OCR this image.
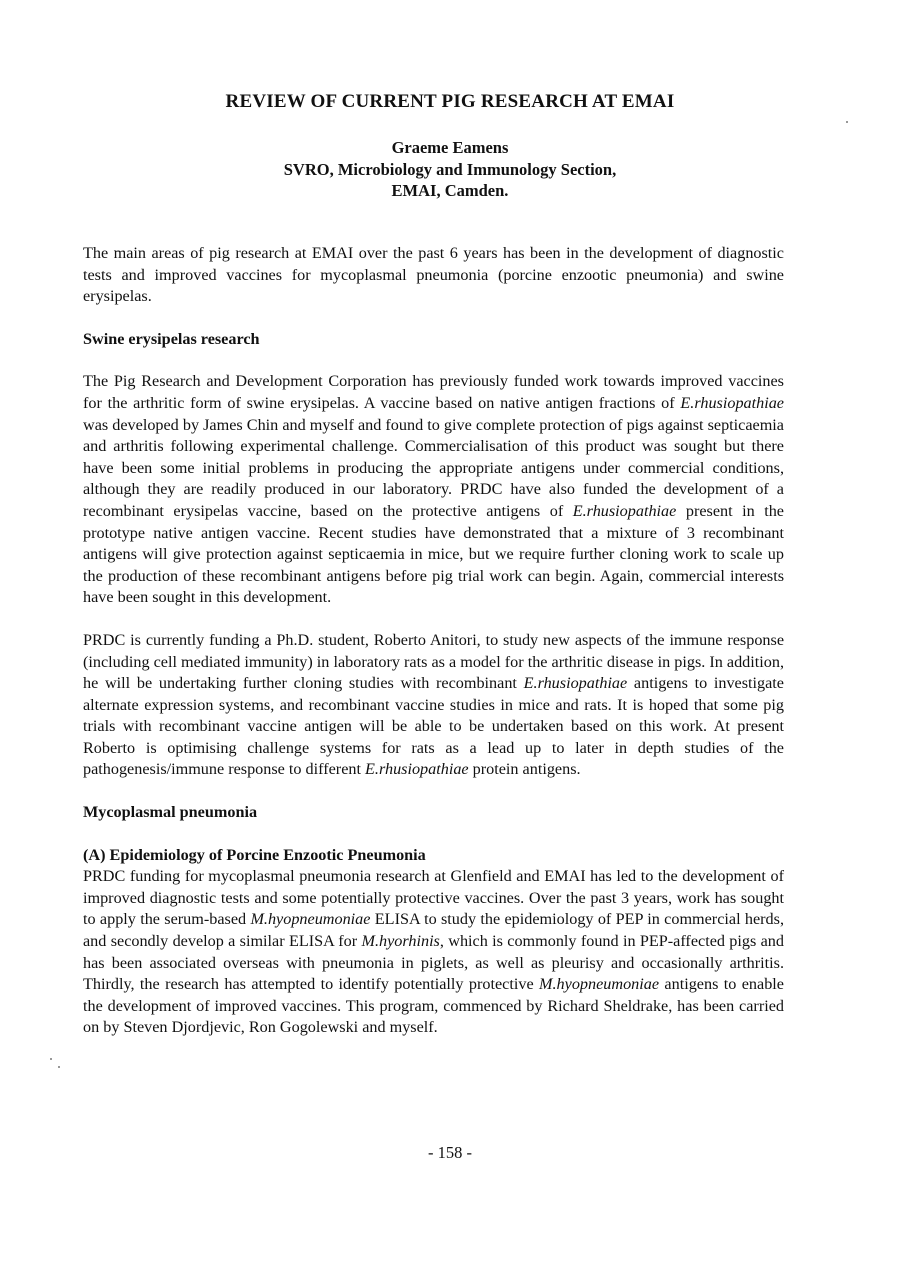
REVIEW OF CURRENT PIG RESEARCH AT EMAI
Graeme Eamens
SVRO, Microbiology and Immunology Section,
EMAI, Camden.

The main areas of pig research at EMAI over the past 6 years has been in the development of diagnostic tests and improved vaccines for mycoplasmal pneumonia (porcine enzootic pneumonia) and swine erysipelas.

Swine erysipelas research

The Pig Research and Development Corporation has previously funded work towards improved vaccines for the arthritic form of swine erysipelas. A vaccine based on native antigen fractions of E.rhusiopathiae was developed by James Chin and myself and found to give complete protection of pigs against septicaemia and arthritis following experimental challenge. Commercialisation of this product was sought but there have been some initial problems in producing the appropriate antigens under commercial conditions, although they are readily produced in our laboratory. PRDC have also funded the development of a recombinant erysipelas vaccine, based on the protective antigens of E.rhusiopathiae present in the prototype native antigen vaccine. Recent studies have demonstrated that a mixture of 3 recombinant antigens will give protection against septicaemia in mice, but we require further cloning work to scale up the production of these recombinant antigens before pig trial work can begin. Again, commercial interests have been sought in this development.

PRDC is currently funding a Ph.D. student, Roberto Anitori, to study new aspects of the immune response (including cell mediated immunity) in laboratory rats as a model for the arthritic disease in pigs. In addition, he will be undertaking further cloning studies with recombinant E.rhusiopathiae antigens to investigate alternate expression systems, and recombinant vaccine studies in mice and rats. It is hoped that some pig trials with recombinant vaccine antigen will be able to be undertaken based on this work. At present Roberto is optimising challenge systems for rats as a lead up to later in depth studies of the pathogenesis/immune response to different E.rhusiopathiae protein antigens.

Mycoplasmal pneumonia

(A) Epidemiology of Porcine Enzootic Pneumonia

PRDC funding for mycoplasmal pneumonia research at Glenfield and EMAI has led to the development of improved diagnostic tests and some potentially protective vaccines. Over the past 3 years, work has sought to apply the serum-based M.hyopneumoniae ELISA to study the epidemiology of PEP in commercial herds, and secondly develop a similar ELISA for M.hyorhinis, which is commonly found in PEP-affected pigs and has been associated overseas with pneumonia in piglets, as well as pleurisy and occasionally arthritis. Thirdly, the research has attempted to identify potentially protective M.hyopneumoniae antigens to enable the development of improved vaccines. This program, commenced by Richard Sheldrake, has been carried on by Steven Djordjevic, Ron Gogolewski and myself.

- 158 -
